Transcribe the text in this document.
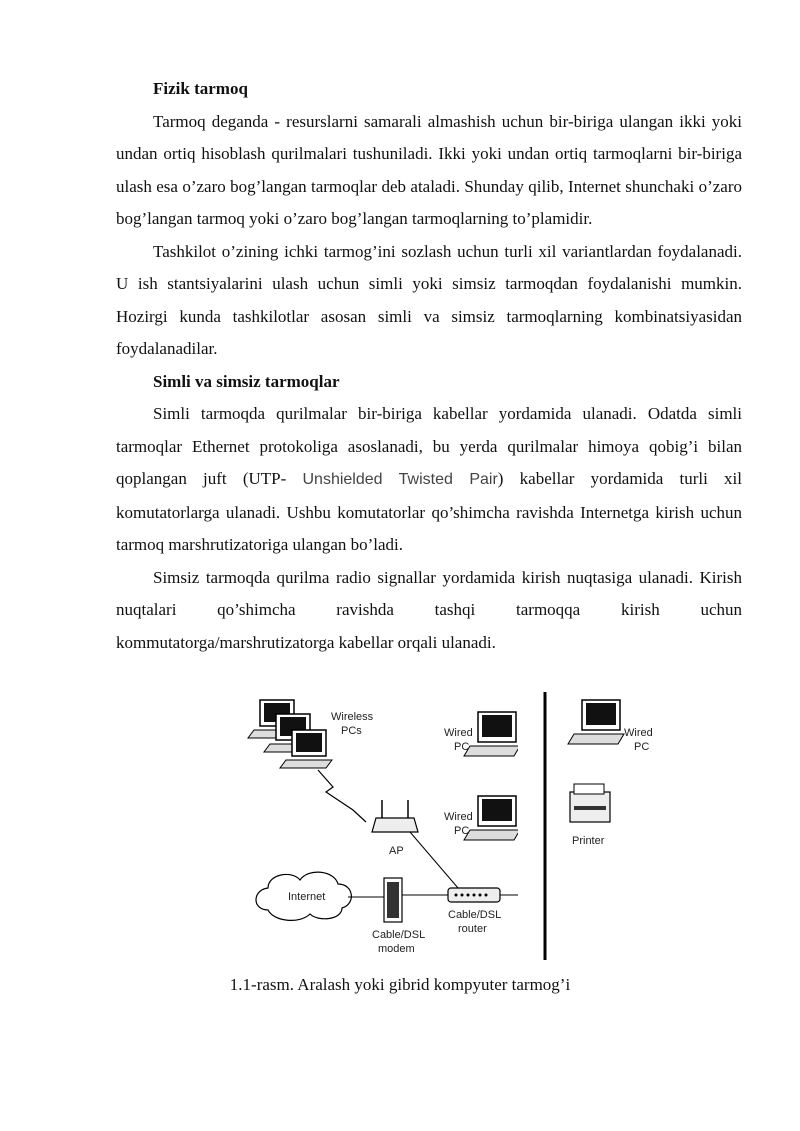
Fizik tarmoq

Tarmoq deganda - resurslarni samarali almashish uchun bir-biriga ulangan ikki yoki undan ortiq hisoblash qurilmalari tushuniladi. Ikki yoki undan ortiq tarmoqlarni bir-biriga ulash esa o’zaro bog’langan tarmoqlar deb ataladi. Shunday qilib, Internet shunchaki o’zaro bog’langan tarmoq yoki o’zaro bog’langan tarmoqlarning to’plamidir.

Tashkilot o’zining ichki tarmog’ini sozlash uchun turli xil variantlardan foydalanadi. U ish stantsiyalarini ulash uchun simli yoki simsiz tarmoqdan foydalanishi mumkin. Hozirgi kunda tashkilotlar asosan simli va simsiz tarmoqlarning kombinatsiyasidan foydalanadilar.

Simli va simsiz tarmoqlar

Simli tarmoqda qurilmalar bir-biriga kabellar yordamida ulanadi. Odatda simli tarmoqlar Ethernet protokoliga asoslanadi, bu yerda qurilmalar himoya qobig’i bilan qoplangan juft (UTP- Unshielded Twisted Pair) kabellar yordamida turli xil komutatorlarga ulanadi. Ushbu komutatorlar qo’shimcha ravishda Internetga kirish uchun tarmoq marshrutizatoriga ulangan bo’ladi.

Simsiz tarmoqda qurilma radio signallar yordamida kirish nuqtasiga ulanadi. Kirish nuqtalari qo’shimcha ravishda tashqi tarmoqqa kirish uchun kommutatorga/marshrutizatorga kabellar orqali ulanadi.

Wireless
PCs
AP
Wired
PC
Wired
PC
Cable/DSL
router
Cable/DSL
modem
Internet
Wired
PC
Printer
1.1-rasm. Aralash yoki gibrid kompyuter tarmog’i
